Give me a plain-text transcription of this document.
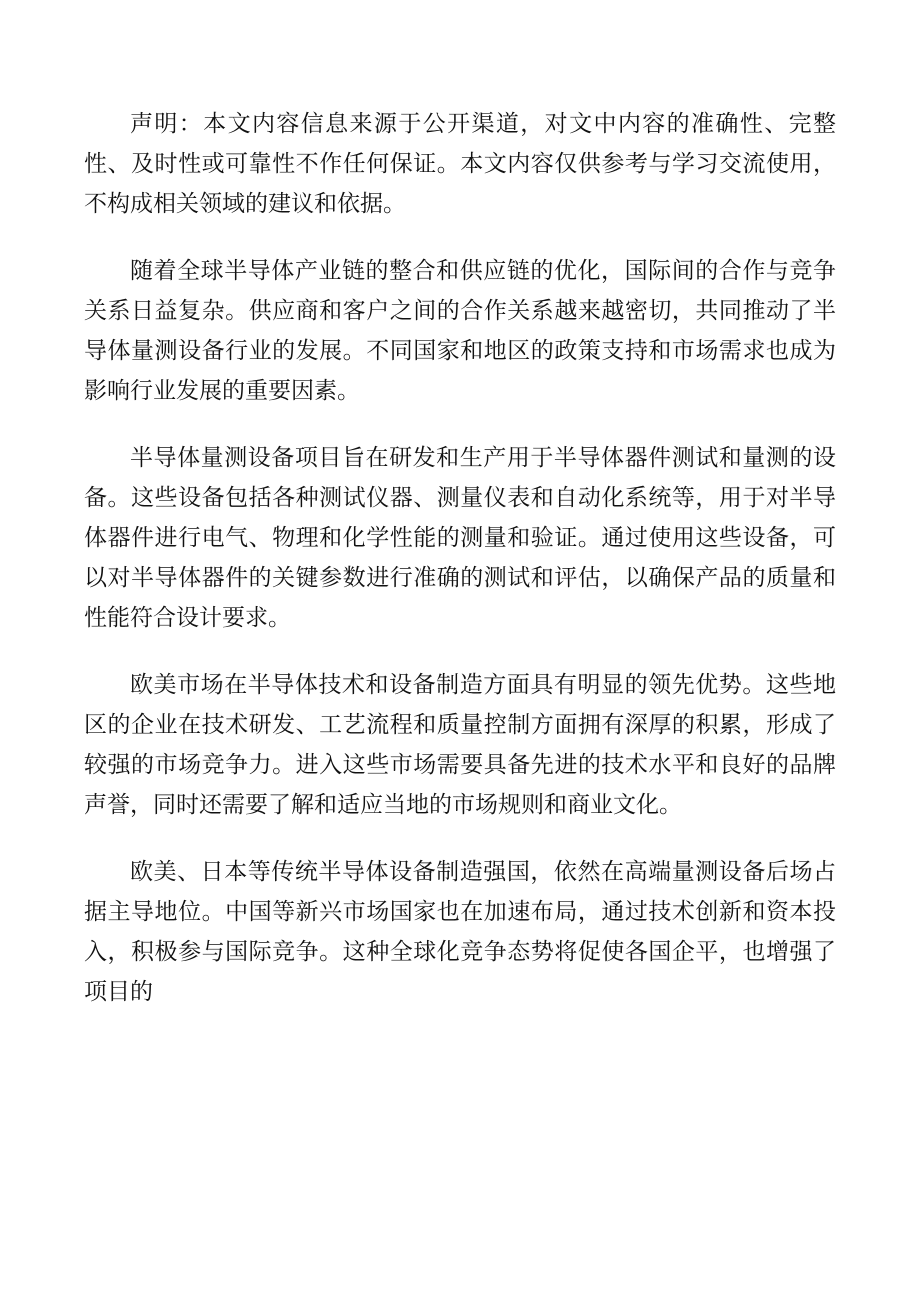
声明：本文内容信息来源于公开渠道，对文中内容的准确性、完整性、及时性或可靠性不作任何保证。本文内容仅供参考与学习交流使用，不构成相关领域的建议和依据。

随着全球半导体产业链的整合和供应链的优化，国际间的合作与竞争关系日益复杂。供应商和客户之间的合作关系越来越密切，共同推动了半导体量测设备行业的发展。不同国家和地区的政策支持和市场需求也成为影响行业发展的重要因素。

半导体量测设备项目旨在研发和生产用于半导体器件测试和量测的设备。这些设备包括各种测试仪器、测量仪表和自动化系统等，用于对半导体器件进行电气、物理和化学性能的测量和验证。通过使用这些设备，可以对半导体器件的关键参数进行准确的测试和评估，以确保产品的质量和性能符合设计要求。

欧美市场在半导体技术和设备制造方面具有明显的领先优势。这些地区的企业在技术研发、工艺流程和质量控制方面拥有深厚的积累，形成了较强的市场竞争力。进入这些市场需要具备先进的技术水平和良好的品牌声誉，同时还需要了解和适应当地的市场规则和商业文化。

欧美、日本等传统半导体设备制造强国，依然在高端量测设备后场占据主导地位。中国等新兴市场国家也在加速布局，通过技术创新和资本投入，积极参与国际竞争。这种全球化竞争态势将促使各国企平，也增强了项目的
